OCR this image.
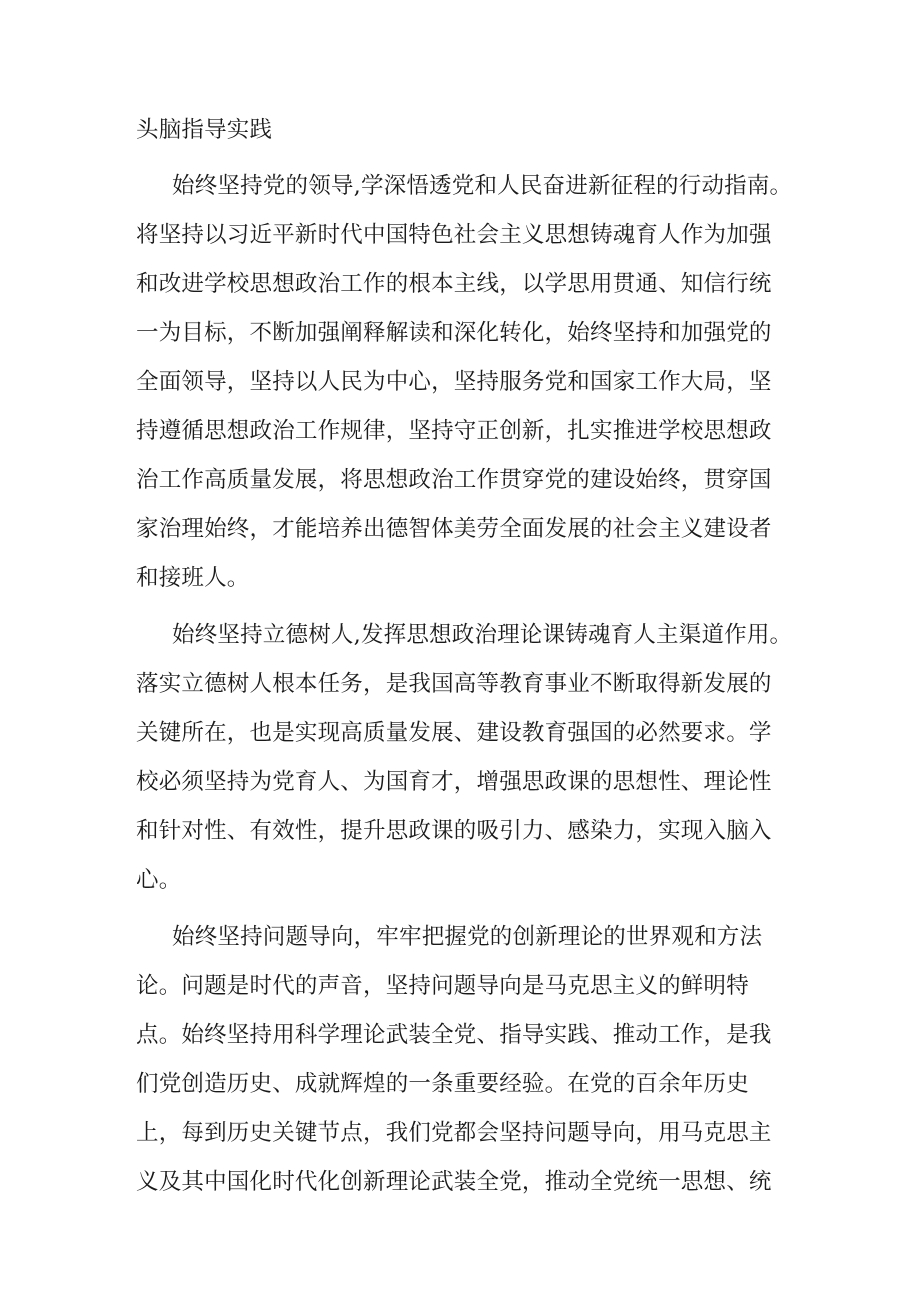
头脑指导实践
始终坚持党的领导,学深悟透党和人民奋进新征程的行动指南。
将坚持以习近平新时代中国特色社会主义思想铸魂育人作为加强
和改进学校思想政治工作的根本主线，以学思用贯通、知信行统
一为目标，不断加强阐释解读和深化转化，始终坚持和加强党的
全面领导，坚持以人民为中心，坚持服务党和国家工作大局，坚
持遵循思想政治工作规律，坚持守正创新，扎实推进学校思想政
治工作高质量发展，将思想政治工作贯穿党的建设始终，贯穿国
家治理始终，才能培养出德智体美劳全面发展的社会主义建设者
和接班人。
始终坚持立德树人,发挥思想政治理论课铸魂育人主渠道作用。
落实立德树人根本任务，是我国高等教育事业不断取得新发展的
关键所在，也是实现高质量发展、建设教育强国的必然要求。学
校必须坚持为党育人、为国育才，增强思政课的思想性、理论性
和针对性、有效性，提升思政课的吸引力、感染力，实现入脑入
心。
始终坚持问题导向，牢牢把握党的创新理论的世界观和方法
论。问题是时代的声音，坚持问题导向是马克思主义的鲜明特
点。始终坚持用科学理论武装全党、指导实践、推动工作，是我
们党创造历史、成就辉煌的一条重要经验。在党的百余年历史
上，每到历史关键节点，我们党都会坚持问题导向，用马克思主
义及其中国化时代化创新理论武装全党，推动全党统一思想、统
